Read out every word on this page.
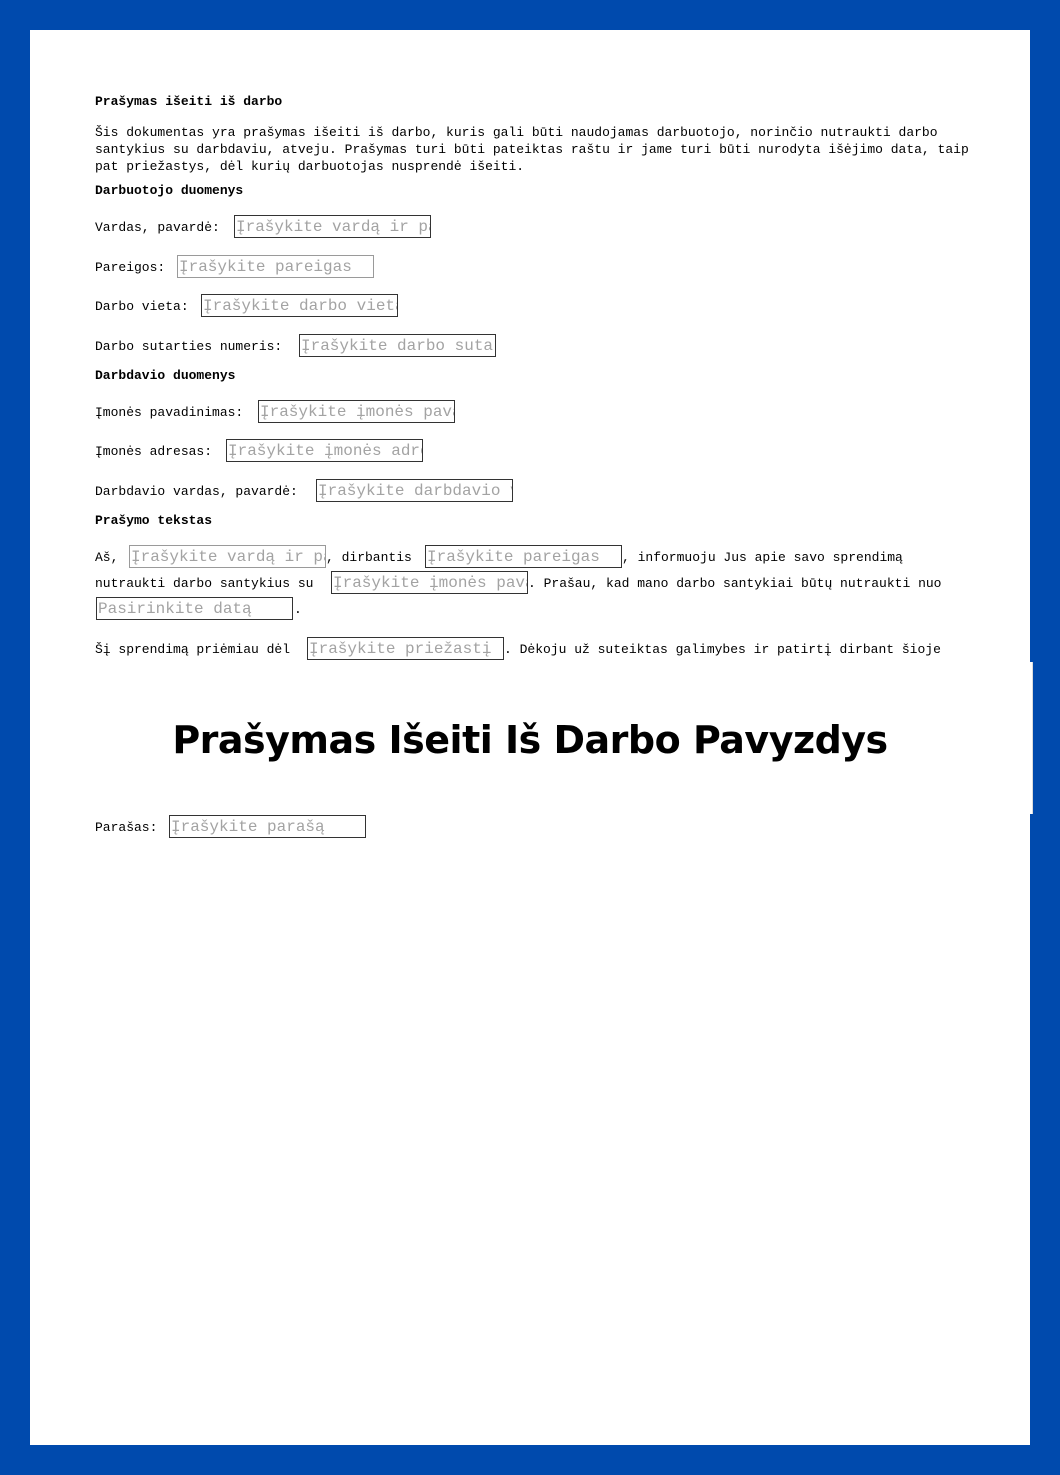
Prašymas išeiti iš darbo
Šis dokumentas yra prašymas išeiti iš darbo, kuris gali būti naudojamas darbuotojo, norinčio nutraukti darbo santykius su darbdaviu, atveju. Prašymas turi būti pateiktas raštu ir jame turi būti nurodyta išėjimo data, taip pat priežastys, dėl kurių darbuotojas nusprendė išeiti.
Darbuotojo duomenys
Vardas, pavardė:
Įrašykite vardą ir pavardę
Pareigos:
Įrašykite pareigas
Darbo vieta:
Įrašykite darbo vietą
Darbo sutarties numeris:
Įrašykite darbo sutarties numerį
Darbdavio duomenys
Įmonės pavadinimas:
Įrašykite įmonės pavadinimą
Įmonės adresas:
Įrašykite įmonės adresą
Darbdavio vardas, pavardė:
Įrašykite darbdavio vardą ir pavardę
Prašymo tekstas
Aš,
Įrašykite vardą ir pavardę	, dirbantis
Įrašykite pareigas	, informuoju Jus apie savo sprendimą
nutraukti darbo santykius su
Įrašykite įmonės pavadinimą	. Prašau, kad mano darbo santykiai būtų nutraukti nuo
Pasirinkite datą
.
Šį sprendimą priėmiau dėl
Įrašykite priežastį	. Dėkoju už suteiktas galimybes ir patirtį dirbant šioje
Prašymas Išeiti Iš Darbo Pavyzdys
Parašas:
Įrašykite parašą
